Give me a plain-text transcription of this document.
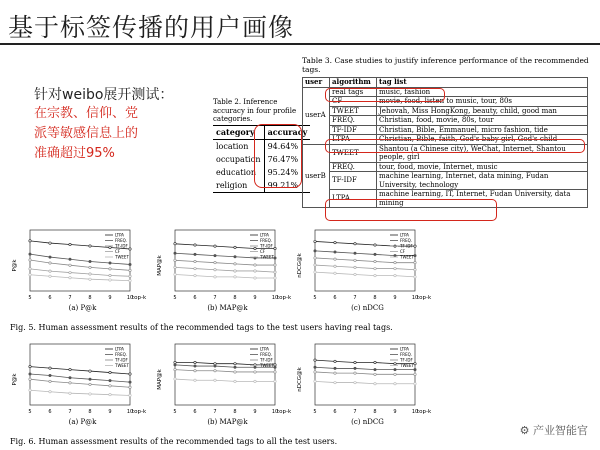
基于标签传播的用户画像
针对weibo展开测试：
在宗教、信仰、党
派等敏感信息上的
准确超过95%
Table 2. Inference accuracy in four profile categories.
category	accuracy
location	94.64%
occupation	76.47%
education	95.24%
religion	99.21%
Table 3. Case studies to justify inference performance of the recommended tags.
user	algorithm	tag list
userA	real tags	music, fashion
	CF	movie, food, listen to music, tour, 80s
	TWEET	Jehovah, Miss HongKong, beauty, child, good man
	FREQ.	Christian, food, movie, 80s, tour
	TF-IDF	Christian, Bible, Emmanuel, micro fashion, tide
	LTPA	Christian, Bible, faith, God's baby girl, God's child
userB	TWEET	Shantou (a Chinese city), WeChat, Internet, Shantou people, girl
	FREQ.	tour, food, movie, Internet, music
	TF-IDF	machine learning, Internet, data mining, Fudan University, technology
	LTPA	machine learning, IT, Internet, Fudan University, data mining
5	6	7	8	9	10
top-k
P@k
LTPA
FREQ.
TF-IDF
CF
TWEET
(a) P@k
5	6	7	8	9	10
top-k
MAP@k
LTPA
FREQ.
TF-IDF
CF
TWEET
(b) MAP@k
5	6	7	8	9	10
top-k
nDCG@k
LTPA
FREQ.
TF-IDF
CF
TWEET
(c) nDCG
5	6	7	8	9	10
top-k
P@k
LTPA
FREQ.
TF-IDF
TWEET
(a) P@k
5	6	7	8	9	10
top-k
MAP@k
LTPA
FREQ.
TF-IDF
TWEET
(b) MAP@k
5	6	7	8	9	10
top-k
nDCG@k
LTPA
FREQ.
TF-IDF
TWEET
(c) nDCG
Fig. 5. Human assessment results of the recommended tags to the test users having real tags.
Fig. 6. Human assessment results of the recommended tags to all the test users.
⚙ 产业智能官
